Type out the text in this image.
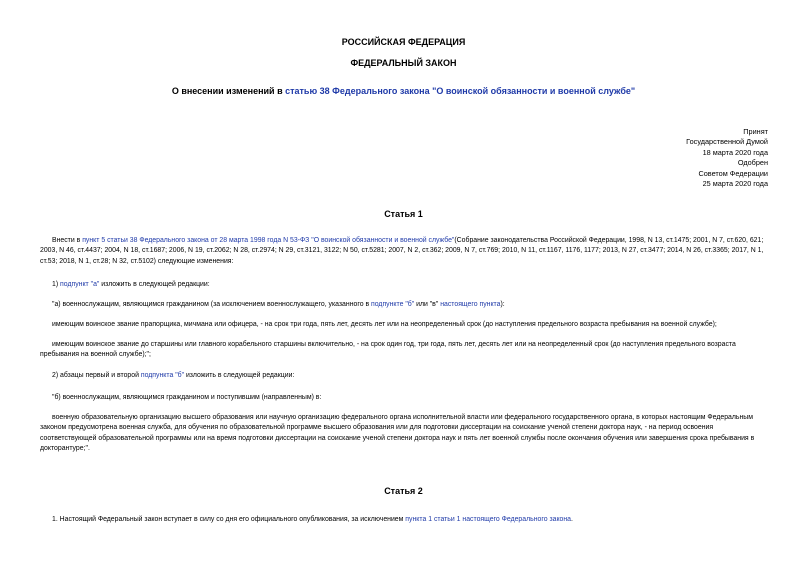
РОССИЙСКАЯ ФЕДЕРАЦИЯ
ФЕДЕРАЛЬНЫЙ ЗАКОН
О внесении изменений в статью 38 Федерального закона "О воинской обязанности и военной службе"
Принят
Государственной Думой
18 марта 2020 года
Одобрен
Советом Федерации
25 марта 2020 года
Статья 1
Внести в пункт 5 статьи 38 Федерального закона от 28 марта 1998 года N 53-ФЗ "О воинской обязанности и военной службе"(Собрание законодательства Российской Федерации, 1998, N 13, ст.1475; 2001, N 7, ст.620, 621; 2003, N 46, ст.4437; 2004, N 18, ст.1687; 2006, N 19, ст.2062; N 28, ст.2974; N 29, ст.3121, 3122; N 50, ст.5281; 2007, N 2, ст.362; 2009, N 7, ст.769; 2010, N 11, ст.1167, 1176, 1177; 2013, N 27, ст.3477; 2014, N 26, ст.3365; 2017, N 1, ст.53; 2018, N 1, ст.28; N 32, ст.5102) следующие изменения:
1) подпункт "а" изложить в следующей редакции:
"а) военнослужащим, являющимся гражданином (за исключением военнослужащего, указанного в подпункте "б" или "в" настоящего пункта):
имеющим воинское звание прапорщика, мичмана или офицера, - на срок три года, пять лет, десять лет или на неопределенный срок (до наступления предельного возраста пребывания на военной службе);
имеющим воинское звание до старшины или главного корабельного старшины включительно, - на срок один год, три года, пять лет, десять лет или на неопределенный срок (до наступления предельного возраста пребывания на военной службе);";
2) абзацы первый и второй подпункта "б" изложить в следующей редакции:
"б) военнослужащим, являющимся гражданином и поступившим (направленным) в:
военную образовательную организацию высшего образования или научную организацию федерального органа исполнительной власти или федерального государственного органа, в которых настоящим Федеральным законом предусмотрена военная служба, для обучения по образовательной программе высшего образования или для подготовки диссертации на соискание ученой степени доктора наук, - на период освоения соответствующей образовательной программы или на время подготовки диссертации на соискание ученой степени доктора наук и пять лет военной службы после окончания обучения или завершения срока пребывания в докторантуре;".
Статья 2
1. Настоящий Федеральный закон вступает в силу со дня его официального опубликования, за исключением пункта 1 статьи 1 настоящего Федерального закона.
